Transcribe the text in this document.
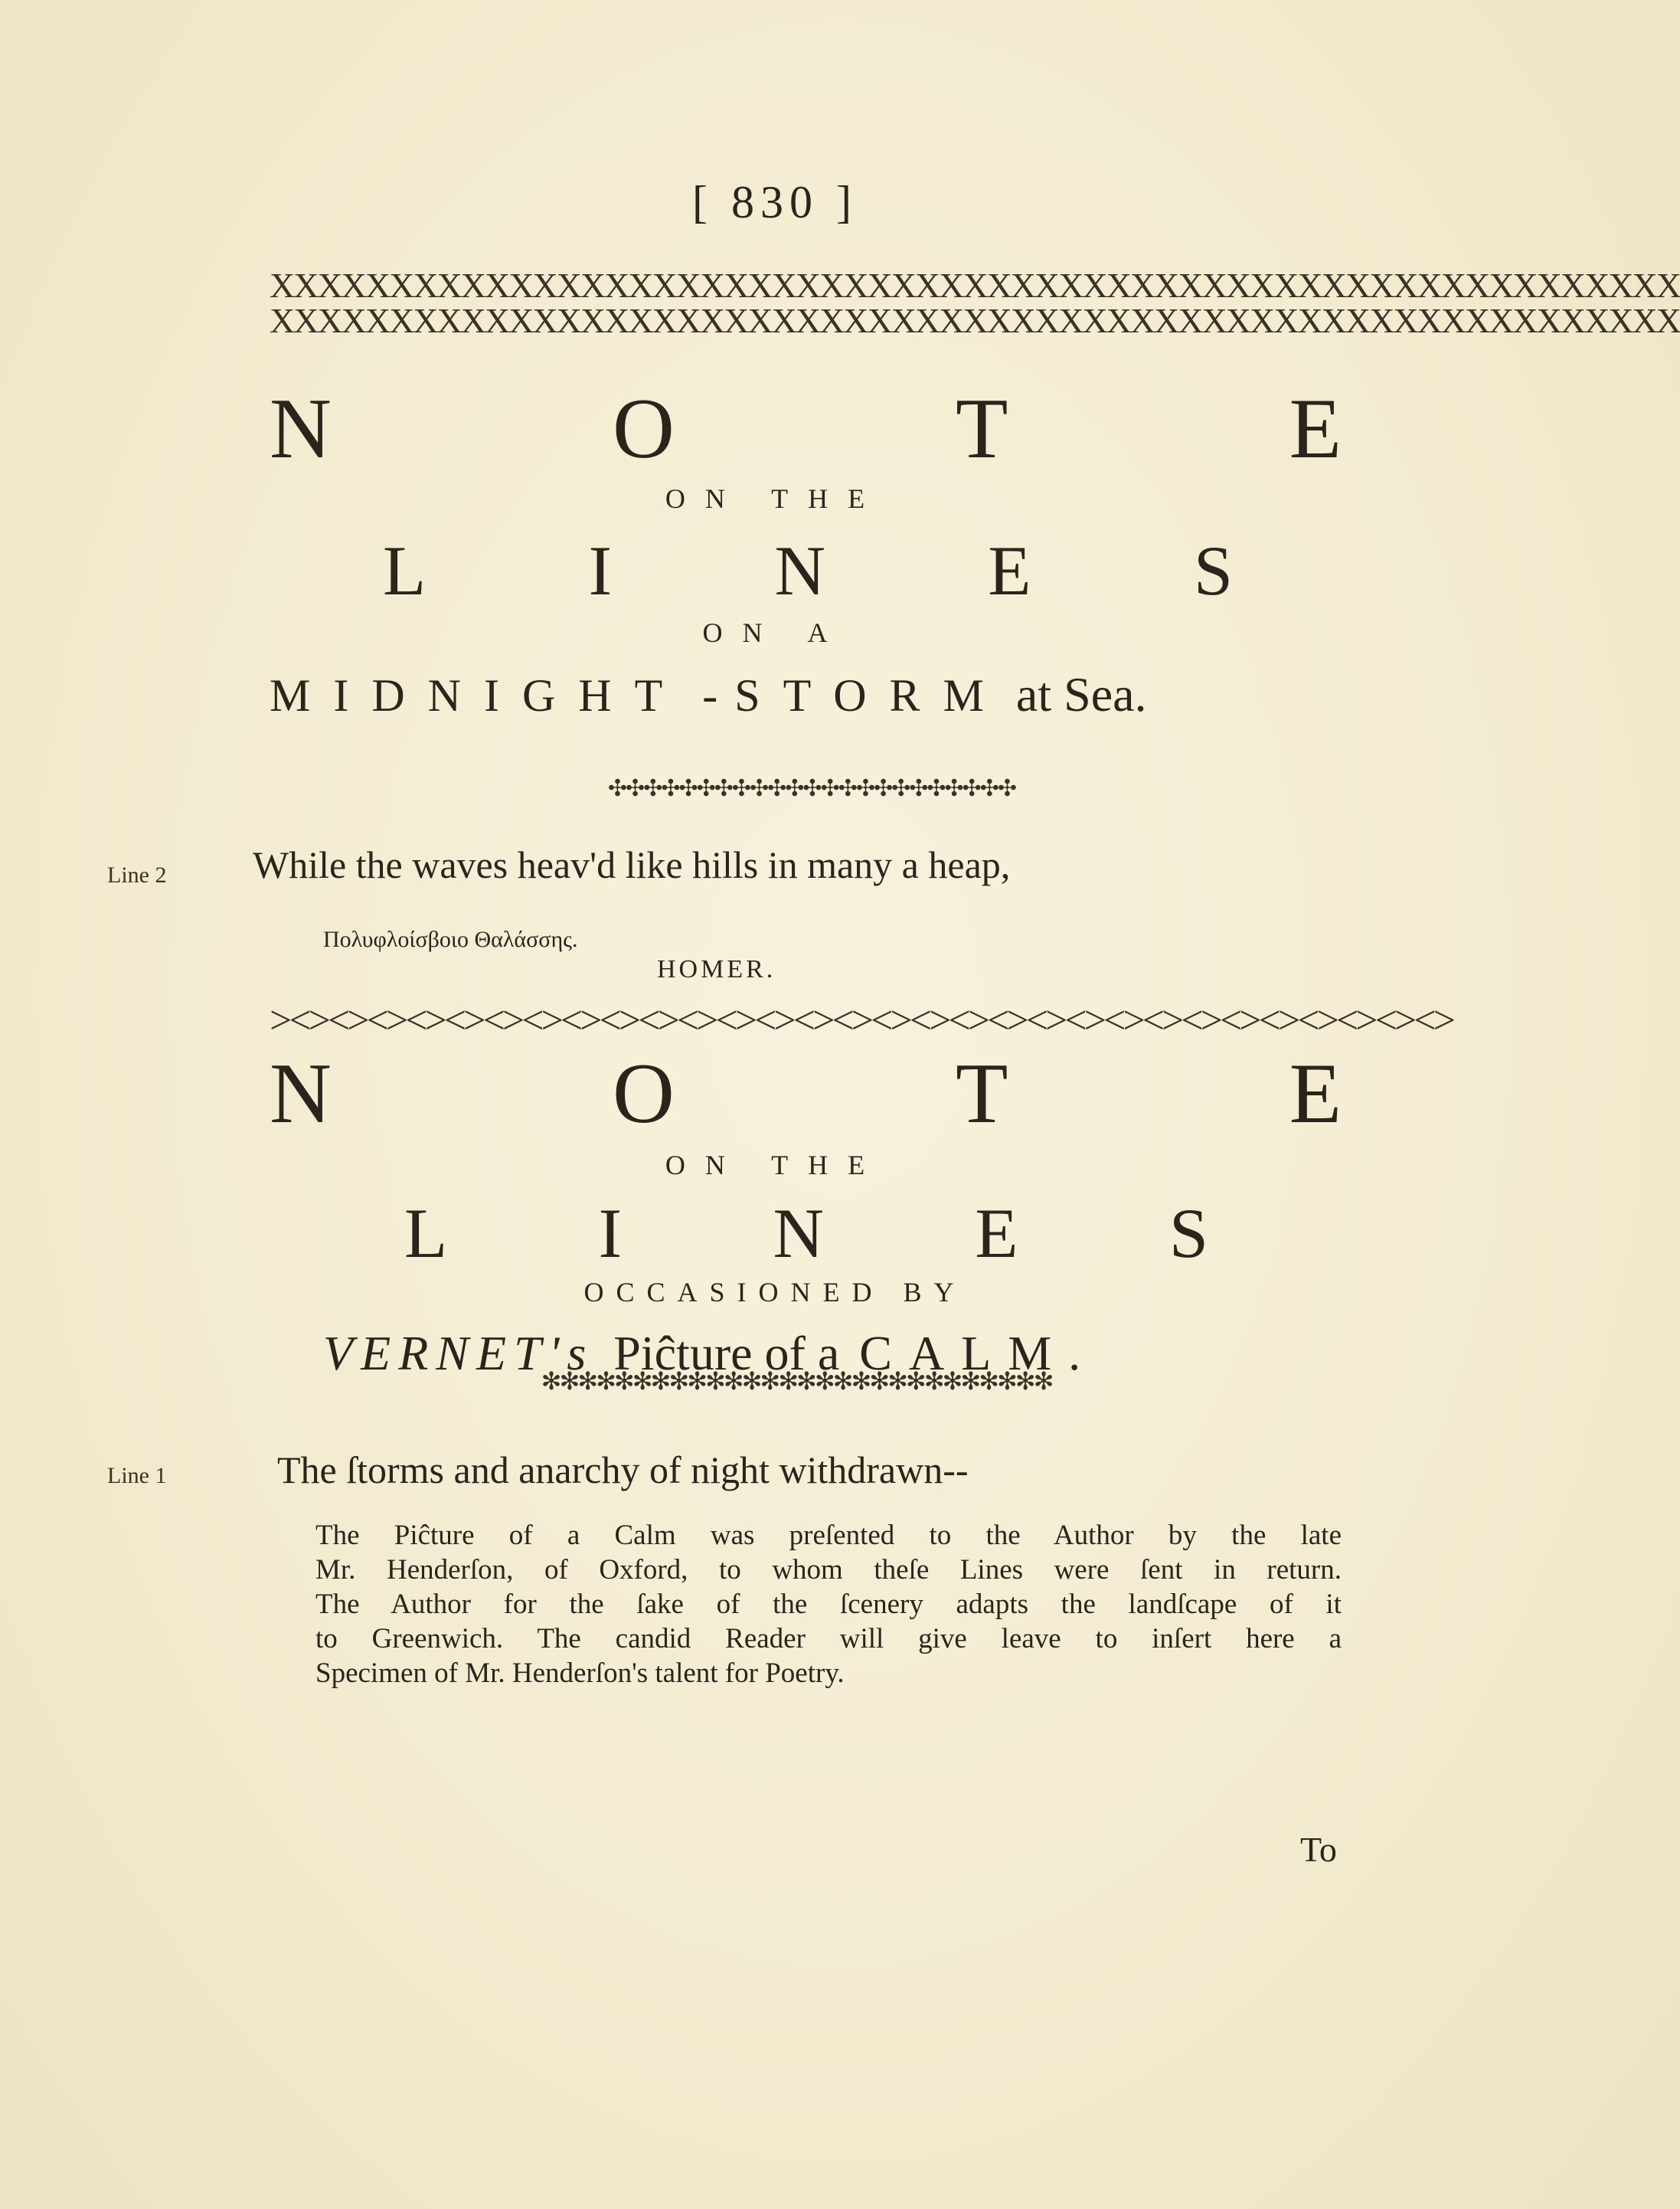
[ 830 ]
XXXXXXXXXXXXXXXXXXXXXXXXXXXXXXXXXXXXXXXXXXXXXXXXXXXXXXXXXXX
XXXXXXXXXXXXXXXXXXXXXXXXXXXXXXXXXXXXXXXXXXXXXXXXXXXXXXXXXXX
N	O	T	E
ON THE
L I N E S
ON A
MIDNIGHT - STORM at Sea.
✣✣✣✣✣✣✣✣✣✣✣✣✣✣✣✣✣✣✣✣✣✣✣
Line 2 While the waves heav'd like hills in many a heap,
Πολυφλοίσβοιο Θαλάσσης.
HOMER.
><><><><><><><><><><><><><><><><><><><><><><><><><><><><><><>
N	O	T	E
ON THE
L I N E S
OCCASIONED BY
VERNET's Piĉture of a CALM.
✻✻✻✻✻✻✻✻✻✻✻✻✻✻✻✻✻✻✻✻✻✻✻✻✻✻✻✻
Line 1	The ſtorms and anarchy of night withdrawn--
The Piĉture of a Calm was preſented to the Author by the late
Mr. Henderſon, of Oxford, to whom theſe Lines were ſent in return.
The Author for the ſake of the ſcenery adapts the landſcape of it
to Greenwich. The candid Reader will give leave to inſert here a
Specimen of Mr. Henderſon's talent for Poetry.
To
